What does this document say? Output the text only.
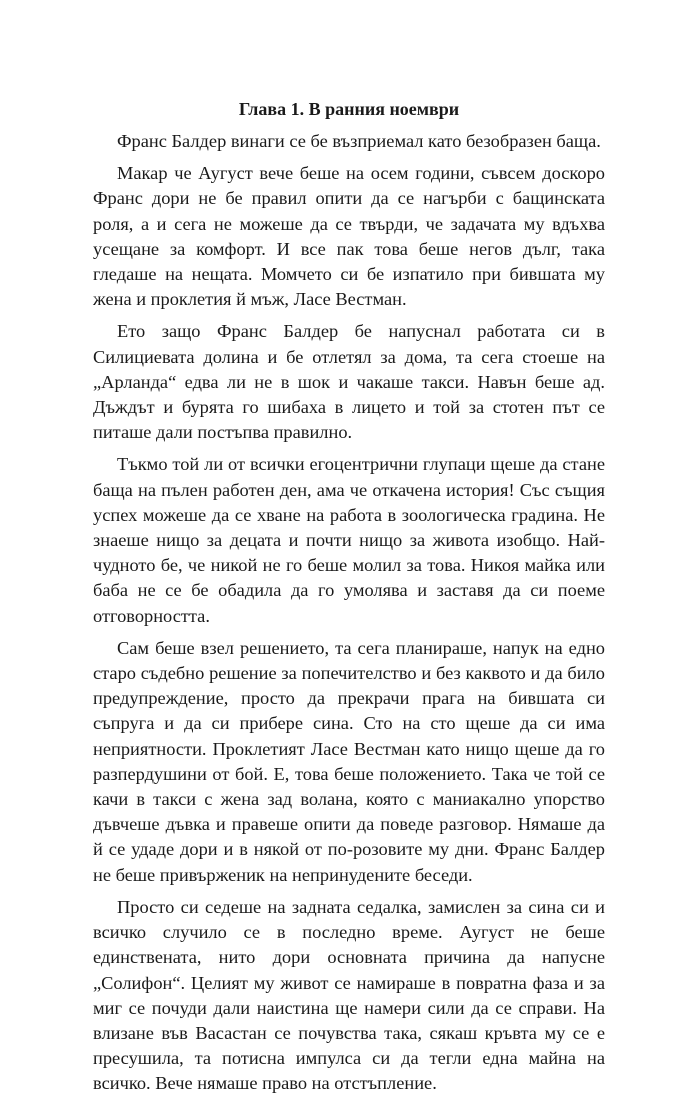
Глава 1. В ранния ноември

Франс Балдер винаги се бе възприемал като безобразен баща.

Макар че Аугуст вече беше на осем години, съвсем доскоро Франс дори не бе правил опити да се нагърби с бащинската роля, а и сега не можеше да се твърди, че задачата му вдъхва усещане за комфорт. И все пак това беше негов дълг, така гледаше на нещата. Момчето си бе изпатило при бившата му жена и проклетия й мъж, Ласе Вестман.

Ето защо Франс Балдер бе напуснал работата си в Силициевата долина и бе отлетял за дома, та сега стоеше на „Арланда“ едва ли не в шок и чакаше такси. Навън беше ад. Дъждът и бурята го шибаха в лицето и той за стотен път се питаше дали постъпва правилно.

Тъкмо той ли от всички егоцентрични глупаци щеше да стане баща на пълен работен ден, ама че откачена история! Със същия успех можеше да се хване на работа в зоологическа градина. Не знаеше нищо за децата и почти нищо за живота изобщо. Най-чудното бе, че никой не го беше молил за това. Никоя майка или баба не се бе обадила да го умолява и заставя да си поеме отговорността.

Сам беше взел решението, та сега планираше, напук на едно старо съдебно решение за попечителство и без каквото и да било предупреждение, просто да прекрачи прага на бившата си съпруга и да си прибере сина. Сто на сто щеше да си има неприятности. Проклетият Ласе Вестман като нищо щеше да го разпердушини от бой. Е, това беше положението. Така че той се качи в такси с жена зад волана, която с маниакално упорство дъвчеше дъвка и правеше опити да поведе разговор. Нямаше да й се удаде дори и в някой от по-розовите му дни. Франс Балдер не беше привърженик на непринудените беседи.

Просто си седеше на задната седалка, замислен за сина си и всичко случило се в последно време. Аугуст не беше единствената, нито дори основната причина да напусне „Солифон“. Целият му живот се намираше в повратна фаза и за миг се почуди дали наистина ще намери сили да се справи. На влизане във Васастан се почувства така, сякаш кръвта му се е пресушила, та потисна импулса си да тегли една майна на всичко. Вече нямаше право на отстъпление.
